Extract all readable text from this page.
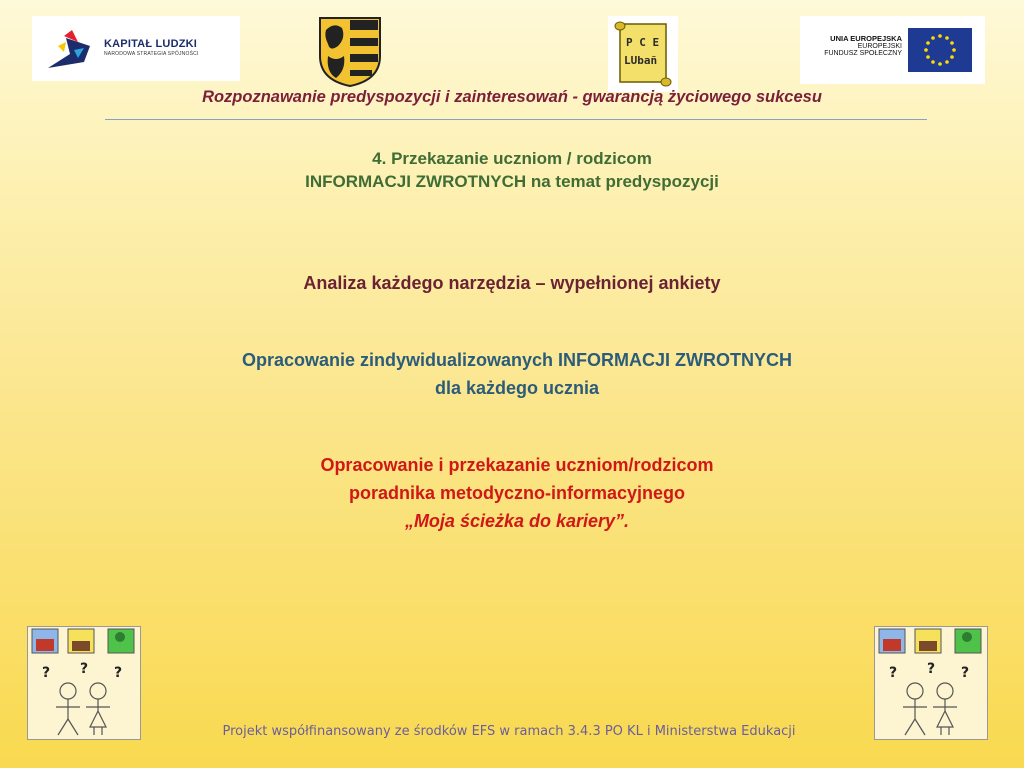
KAPITAŁ LUDZKI
NARODOWA STRATEGIA SPÓJNOŚCI
P C E
LUbañ
UNIA EUROPEJSKA
EUROPEJSKI
FUNDUSZ SPOŁECZNY
Rozpoznawanie predyspozycji i zainteresowań - gwarancją życiowego sukcesu
4. Przekazanie uczniom / rodzicom
INFORMACJI ZWROTNYCH na temat predyspozycji
Analiza każdego narzędzia – wypełnionej ankiety
Opracowanie zindywidualizowanych INFORMACJI ZWROTNYCH
dla każdego ucznia
Opracowanie i przekazanie uczniom/rodzicom
poradnika metodyczno-informacyjnego
„Moja ścieżka do kariery”.
? ? ?	? ? ?
Projekt współfinansowany ze środków EFS w ramach 3.4.3 PO KL i Ministerstwa Edukacji
